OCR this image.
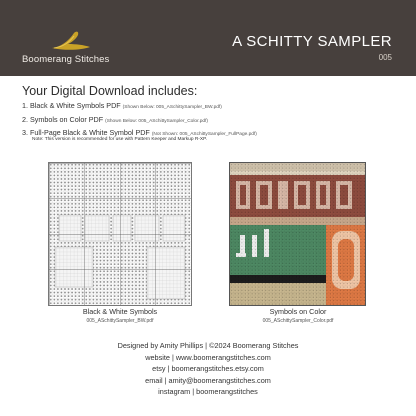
Boomerang Stitches
A SCHITTY SAMPLER
005
Your Digital Download includes:
1. Black & White Symbols PDF (Shown Below: 005_ASchittySampler_BW.pdf)
2. Symbols on Color PDF (Shown Below: 005_ASchittySampler_Color.pdf)
3. Full-Page Black & White Symbol PDF (Not Shown: 005_ASchittySampler_FullPage.pdf)
Note: This version is recommended for use with Pattern Keeper and Markup R-XP.
Black & White Symbols
005_ASchittySampler_BW.pdf
Symbols on Color
005_ASchittySampler_Color.pdf
Designed by Amity Phillips | ©2024 Boomerang Stitches
website | www.boomerangstitches.com
etsy | boomerangstitches.etsy.com
email | amity@boomerangstitches.com
instagram | boomerangstitches
